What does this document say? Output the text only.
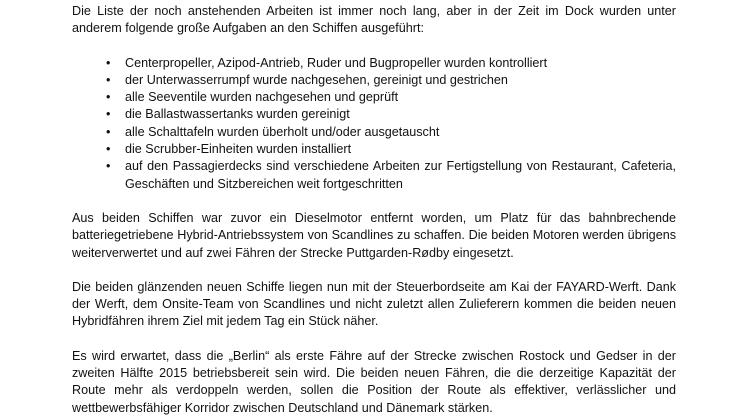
Die Liste der noch anstehenden Arbeiten ist immer noch lang, aber in der Zeit im Dock wurden unter anderem folgende große Aufgaben an den Schiffen ausgeführt:

• Centerpropeller, Azipod-Antrieb, Ruder und Bugpropeller wurden kontrolliert
• der Unterwasserrumpf wurde nachgesehen, gereinigt und gestrichen
• alle Seeventile wurden nachgesehen und geprüft
• die Ballastwassertanks wurden gereinigt
• alle Schalttafeln wurden überholt und/oder ausgetauscht
• die Scrubber-Einheiten wurden installiert
• auf den Passagierdecks sind verschiedene Arbeiten zur Fertigstellung von Restaurant, Cafeteria, Geschäften und Sitzbereichen weit fortgeschritten

Aus beiden Schiffen war zuvor ein Dieselmotor entfernt worden, um Platz für das bahnbrechende batteriegetriebene Hybrid-Antriebssystem von Scandlines zu schaffen. Die beiden Motoren werden übrigens weiterverwertet und auf zwei Fähren der Strecke Puttgarden-Rødby eingesetzt.

Die beiden glänzenden neuen Schiffe liegen nun mit der Steuerbordseite am Kai der FAYARD-Werft. Dank der Werft, dem Onsite-Team von Scandlines und nicht zuletzt allen Zulieferern kommen die beiden neuen Hybridfähren ihrem Ziel mit jedem Tag ein Stück näher.

Es wird erwartet, dass die „Berlin“ als erste Fähre auf der Strecke zwischen Rostock und Gedser in der zweiten Hälfte 2015 betriebsbereit sein wird. Die beiden neuen Fähren, die die derzeitige Kapazität der Route mehr als verdoppeln werden, sollen die Position der Route als effektiver, verlässlicher und wettbewerbsfähiger Korridor zwischen Deutschland und Dänemark stärken.
